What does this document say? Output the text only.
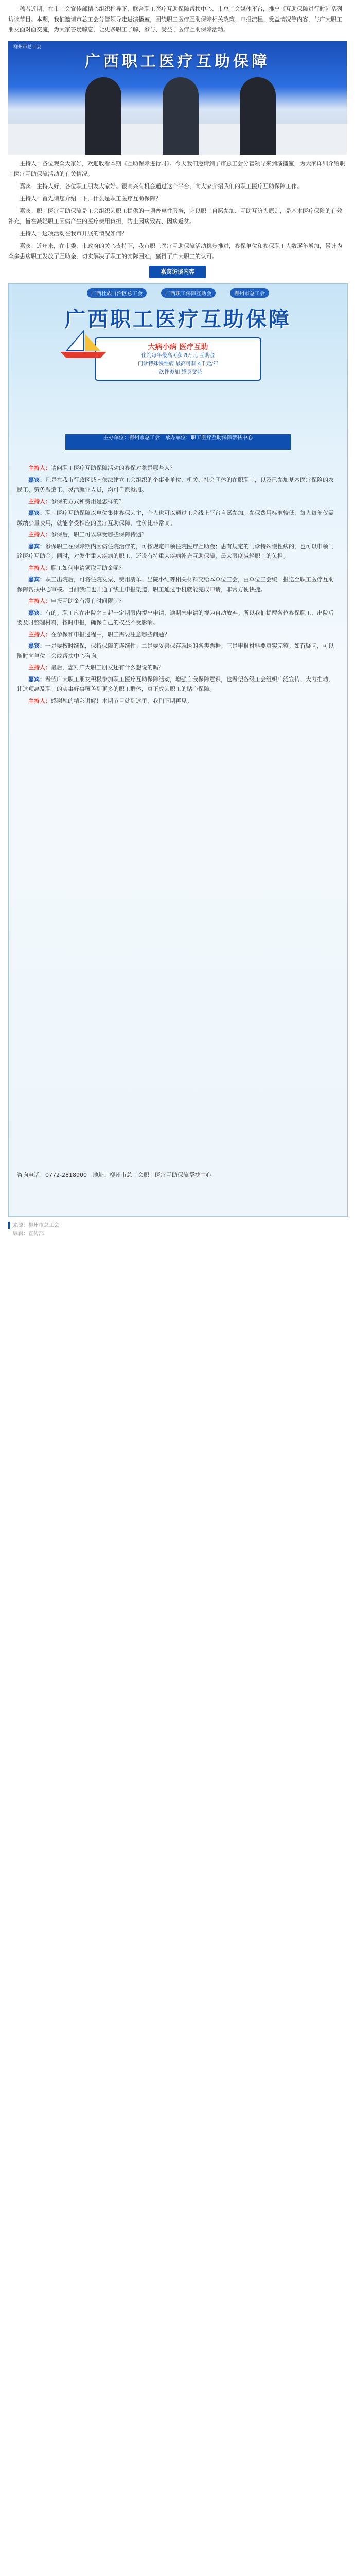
稿者近期，在市工会宣传部精心组织指导下，联合职工医疗互助保障帮扶中心、市总工会媒体平台，推出《互助保障进行时》系列访谈节目。本期，我们邀请市总工会分管领导走进演播室，围绕职工医疗互助保障相关政策、申报流程、受益情况等内容，与广大职工朋友面对面交流，为大家答疑解惑，让更多职工了解、参与、受益于医疗互助保障活动。
柳州市总工会
广西职工医疗互助保障

主持人：各位观众大家好，欢迎收看本期《互助保障进行时》。今天我们邀请到了市总工会分管领导来到演播室，为大家详细介绍职工医疗互助保障活动的有关情况。

嘉宾：主持人好，各位职工朋友大家好。很高兴有机会通过这个平台，向大家介绍我们的职工医疗互助保障工作。

主持人：首先请您介绍一下，什么是职工医疗互助保障？

嘉宾：职工医疗互助保障是工会组织为职工提供的一项普惠性服务，它以职工自愿参加、互助互济为原则，是基本医疗保险的有效补充，旨在减轻职工因病产生的医疗费用负担，防止因病致贫、因病返贫。

主持人：这项活动在我市开展的情况如何？

嘉宾：近年来，在市委、市政府的关心支持下，我市职工医疗互助保障活动稳步推进，参保单位和参保职工人数逐年增加，累计为众多患病职工发放了互助金，切实解决了职工的实际困难，赢得了广大职工的认可。

嘉宾访谈内容
广西壮族自治区总工会	广西职工保障互助会	柳州市总工会
广西职工医疗互助保障
大病小病 医疗互助
住院每年最高可获 8万元 互助金
门诊特殊慢性病 最高可获 4千元/年
一次性参加 终身受益
主办单位：柳州市总工会　承办单位：职工医疗互助保障帮扶中心

主持人：请问职工医疗互助保障活动的参保对象是哪些人？

嘉宾：凡是在我市行政区域内依法建立工会组织的企事业单位、机关、社会团体的在职职工，以及已参加基本医疗保险的农民工、劳务派遣工、灵活就业人员，均可自愿参加。

主持人：参保的方式和费用是怎样的？

嘉宾：职工医疗互助保障以单位集体参保为主，个人也可以通过工会线上平台自愿参加。参保费用标准较低，每人每年仅需缴纳少量费用，就能享受相应的医疗互助保障，性价比非常高。

主持人：参保后，职工可以享受哪些保障待遇？

嘉宾：参保职工在保障期内因病住院治疗的，可按规定申领住院医疗互助金；患有规定的门诊特殊慢性病的，也可以申领门诊医疗互助金。同时，对发生重大疾病的职工，还设有特重大疾病补充互助保障，最大限度减轻职工的负担。

主持人：职工如何申请领取互助金呢？

嘉宾：职工出院后，可将住院发票、费用清单、出院小结等相关材料交给本单位工会，由单位工会统一报送至职工医疗互助保障帮扶中心审核。目前我们也开通了线上申报渠道，职工通过手机就能完成申请，非常方便快捷。

主持人：申报互助金有没有时间限制？

嘉宾：有的。职工应在出院之日起一定期限内提出申请，逾期未申请的视为自动放弃。所以我们提醒各位参保职工，出院后要及时整理材料，按时申报，确保自己的权益不受影响。

主持人：在参保和申报过程中，职工需要注意哪些问题？

嘉宾：一是要按时续保，保持保障的连续性；二是要妥善保存就医的各类票据；三是申报材料要真实完整。如有疑问，可以随时向单位工会或帮扶中心咨询。

主持人：最后，您对广大职工朋友还有什么想说的吗？

嘉宾：希望广大职工朋友积极参加职工医疗互助保障活动，增强自我保障意识，也希望各级工会组织广泛宣传、大力推动，让这项惠及职工的实事好事覆盖到更多的职工群体，真正成为职工的贴心保障。

主持人：感谢您的精彩讲解！本期节目就到这里，我们下期再见。

咨询电话：0772-2818900　地址：柳州市总工会职工医疗互助保障帮扶中心
来源：柳州市总工会
编辑：宣传部
